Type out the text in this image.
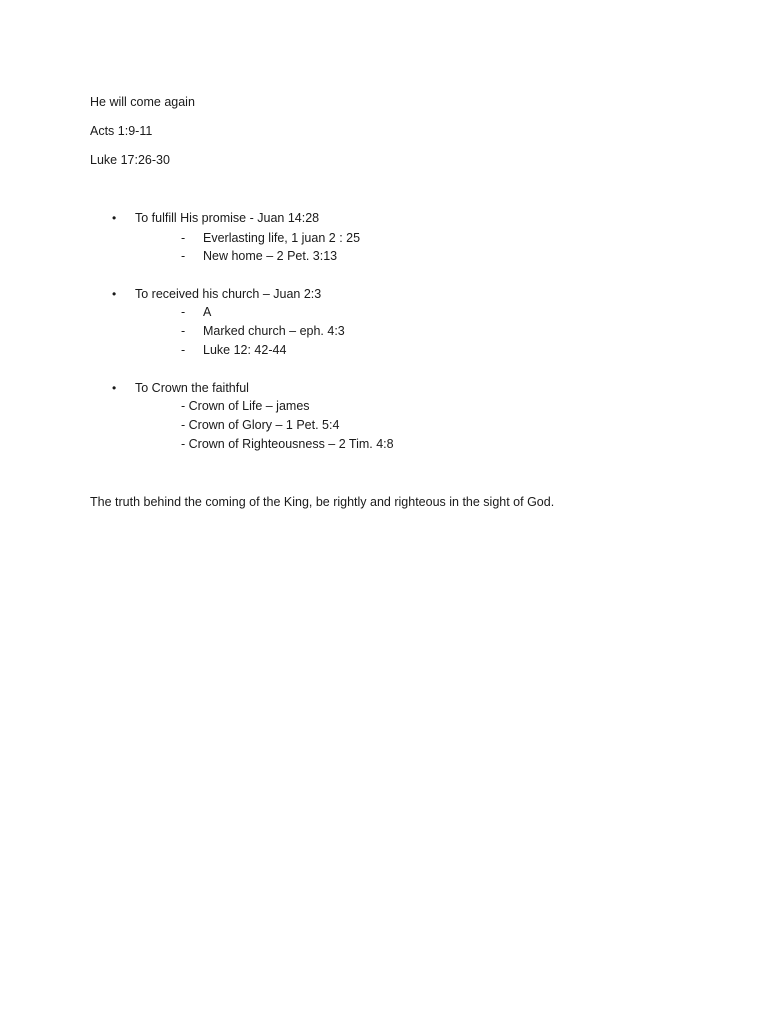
He will come again
Acts 1:9-11
Luke 17:26-30
• To fulfill His promise - Juan 14:28
- Everlasting life, 1 juan 2 : 25
- New home – 2 Pet. 3:13
• To received his church – Juan 2:3
- A
- Marked church – eph. 4:3
- Luke 12: 42-44
• To Crown the faithful
- Crown of Life – james
- Crown of Glory – 1 Pet. 5:4
- Crown of Righteousness – 2 Tim. 4:8
The truth behind the coming of the King, be rightly and righteous in the sight of God.
